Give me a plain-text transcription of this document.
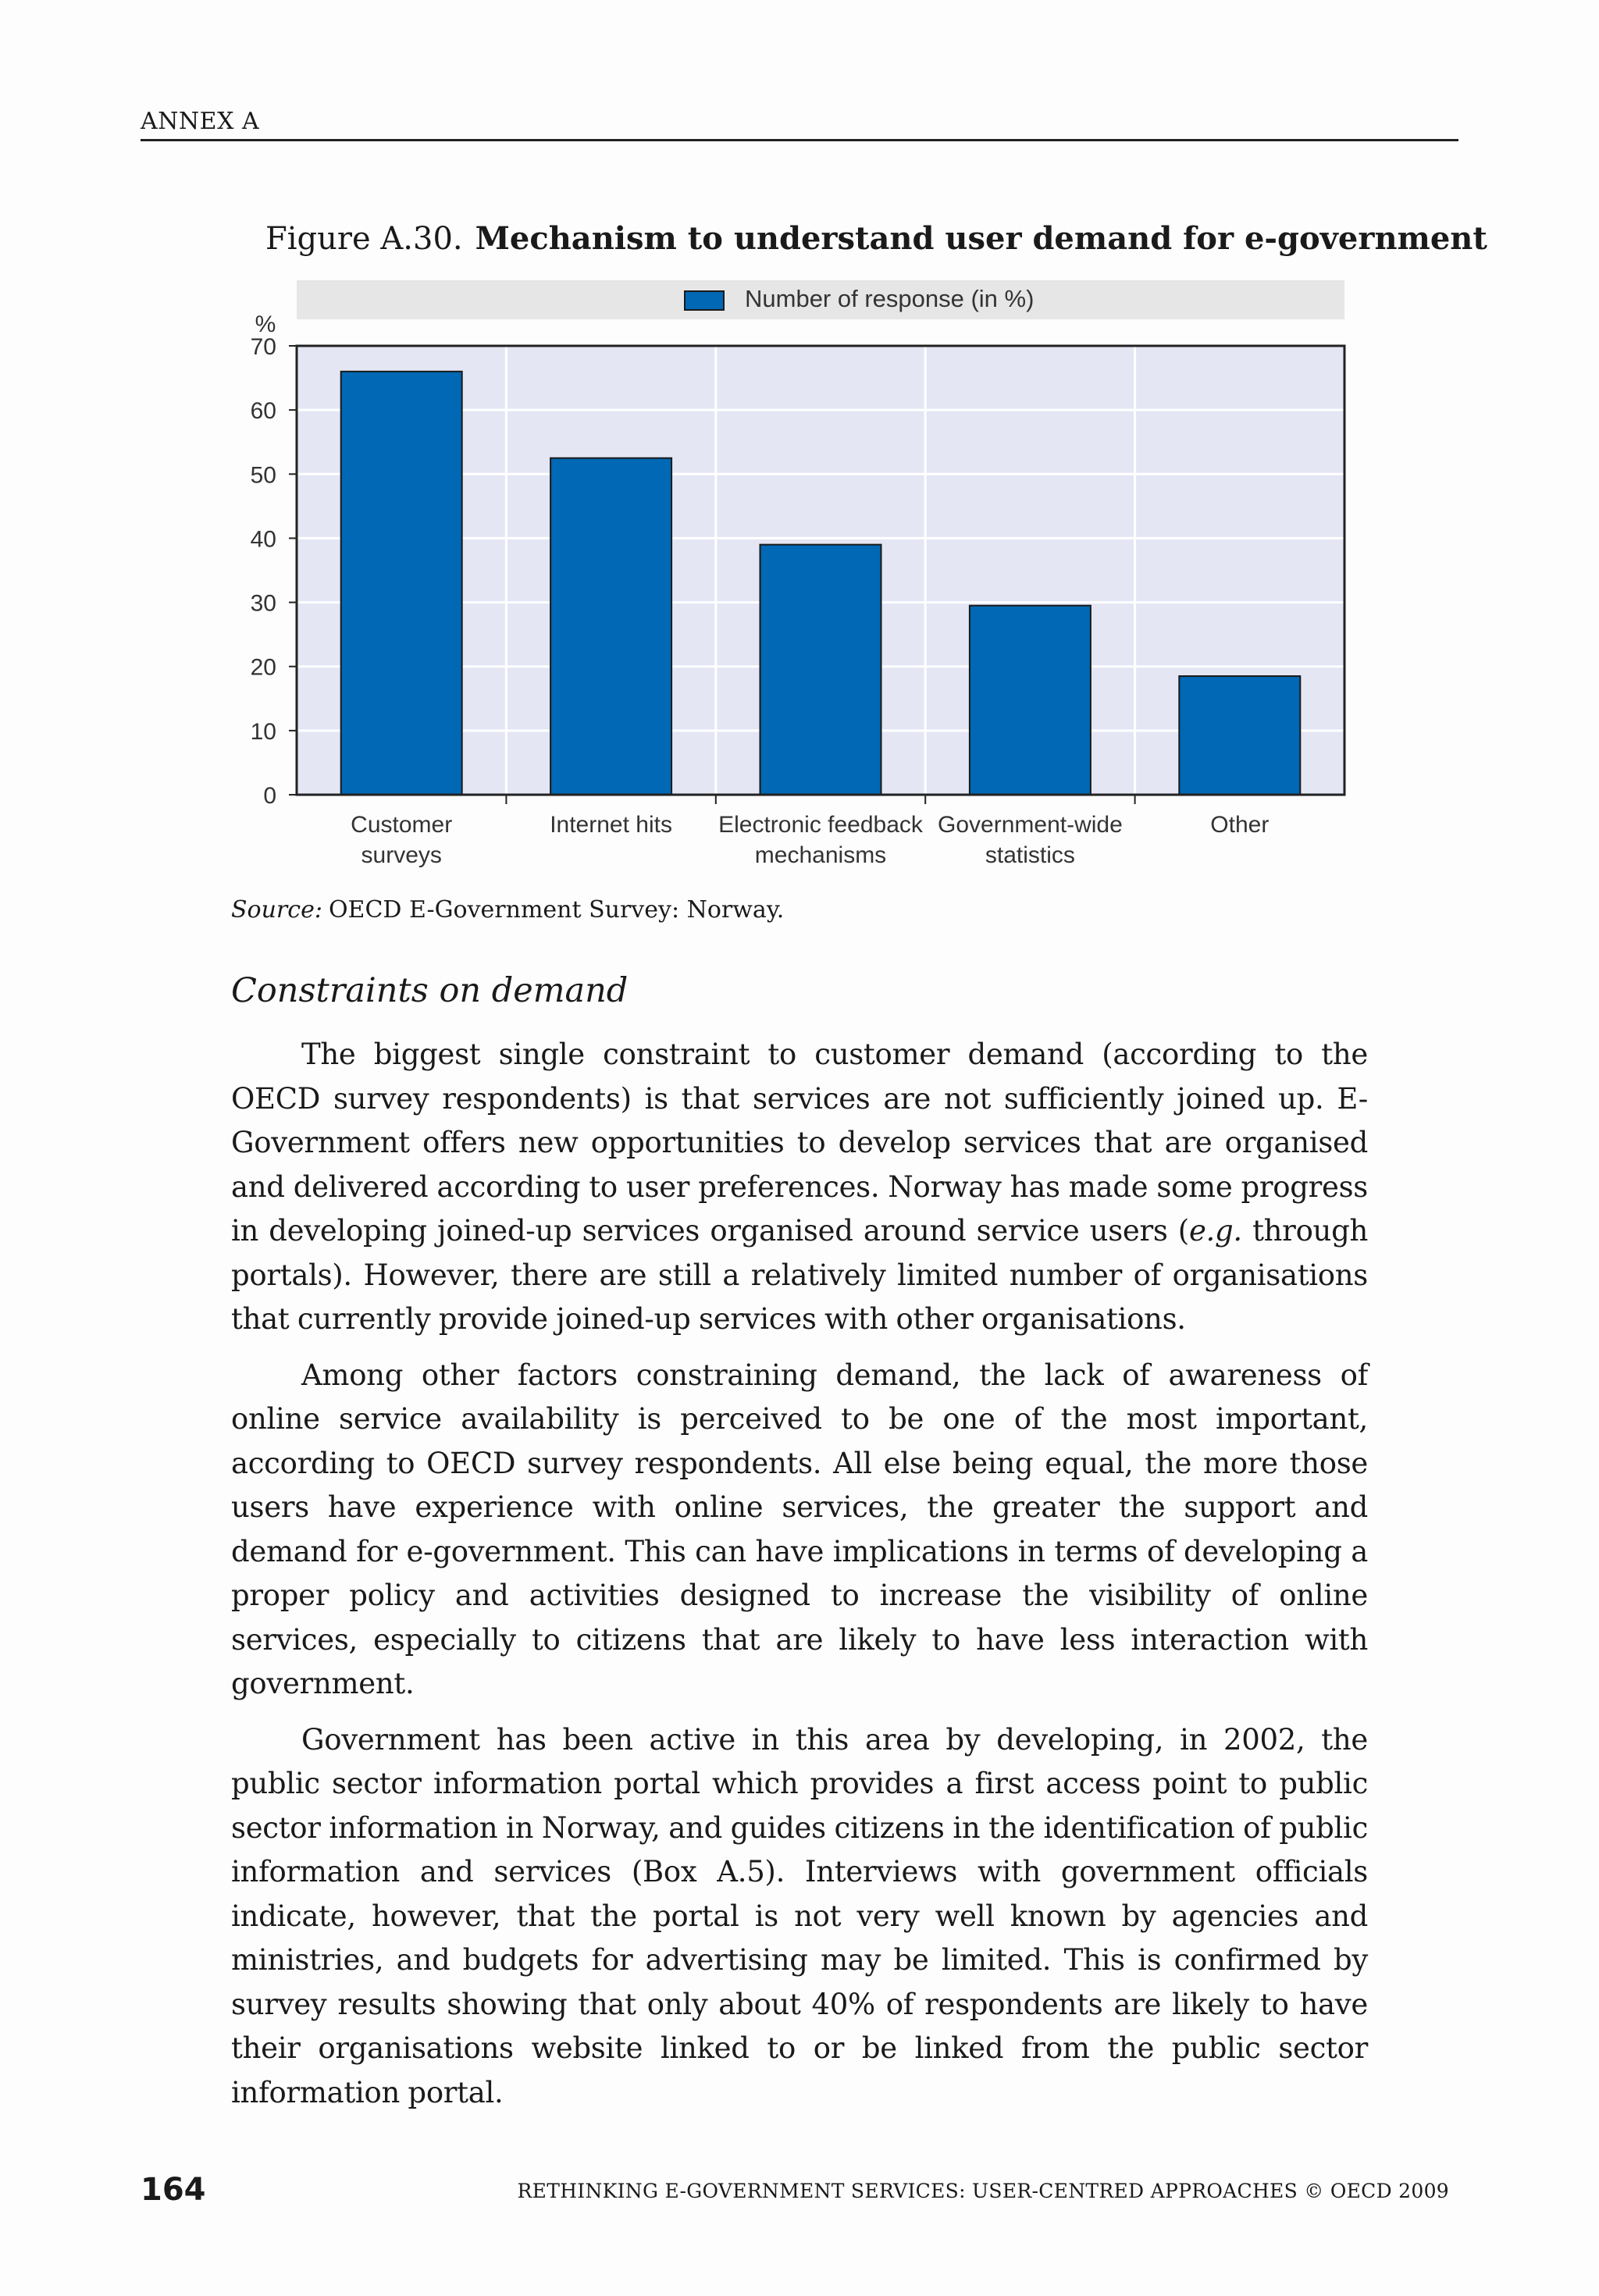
ANNEX A
Figure A.30. Mechanism to understand user demand for e-government
Number of response (in %)
%
0
10
20
30
40
50
60
70
Customer
surveys
Internet hits Electronic feedback
mechanisms
Government-wide
statistics
Other
Source: OECD E-Government Survey: Norway.
Constraints on demand

The biggest single constraint to customer demand (according to the OECD survey respondents) is that services are not sufficiently joined up. E-Government offers new opportunities to develop services that are organised and delivered according to user preferences. Norway has made some progress in developing joined-up services organised around service users (e.g. through portals). However, there are still a relatively limited number of organisations that currently provide joined-up services with other organisations.

Among other factors constraining demand, the lack of awareness of online service availability is perceived to be one of the most important, according to OECD survey respondents. All else being equal, the more those users have experience with online services, the greater the support and demand for e-government. This can have implications in terms of developing a proper policy and activities designed to increase the visibility of online services, especially to citizens that are likely to have less interaction with government.

Government has been active in this area by developing, in 2002, the public sector information portal which provides a first access point to public sector information in Norway, and guides citizens in the identification of public information and services (Box A.5). Interviews with government officials indicate, however, that the portal is not very well known by agencies and ministries, and budgets for advertising may be limited. This is confirmed by survey results showing that only about 40% of respondents are likely to have their organisations website linked to or be linked from the public sector information portal.

164	RETHINKING E-GOVERNMENT SERVICES: USER-CENTRED APPROACHES © OECD 2009
